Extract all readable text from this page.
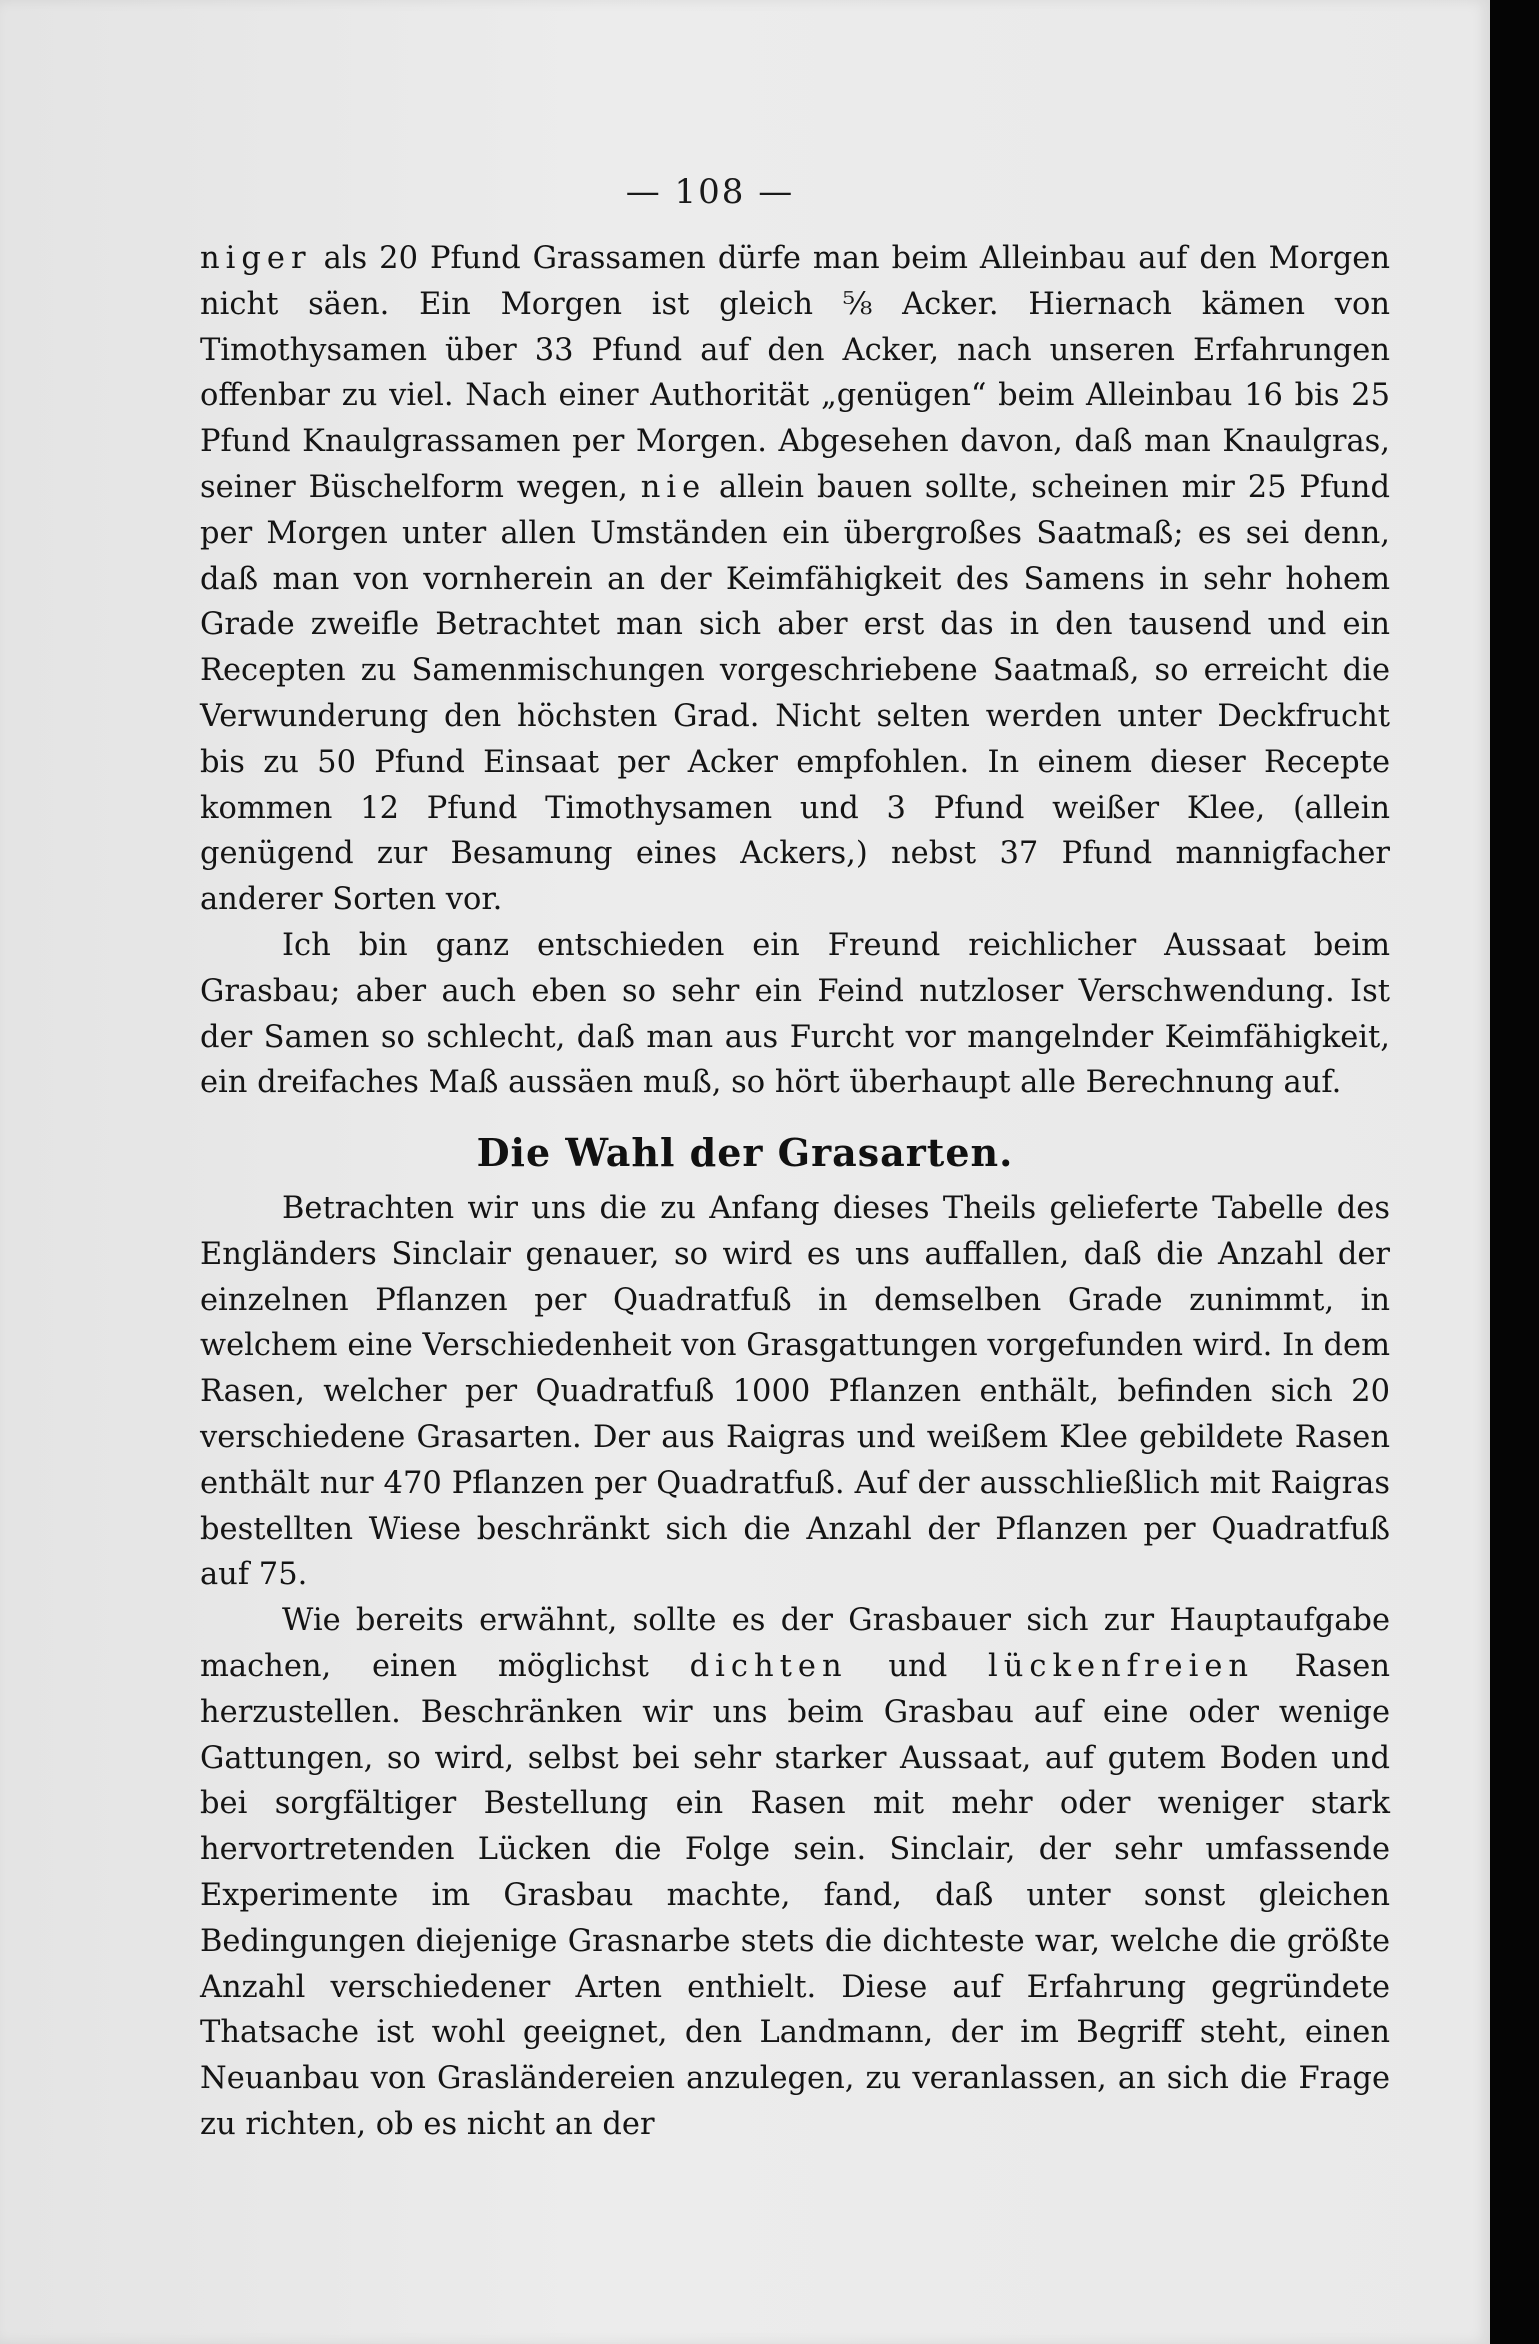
— 108 —

niger als 20 Pfund Grassamen dürfe man beim Alleinbau auf den Morgen nicht säen. Ein Morgen ist gleich ⅝ Acker. Hiernach kämen von Timothysamen über 33 Pfund auf den Acker, nach unseren Erfahrungen offenbar zu viel. Nach einer Authorität „genügen“ beim Alleinbau 16 bis 25 Pfund Knaulgrassamen per Morgen. Abgesehen davon, daß man Knaulgras, seiner Büschelform wegen, nie allein bauen sollte, scheinen mir 25 Pfund per Morgen unter allen Umständen ein übergroßes Saatmaß; es sei denn, daß man von vornherein an der Keimfähigkeit des Samens in sehr hohem Grade zweifle Betrachtet man sich aber erst das in den tausend und ein Recepten zu Samenmischungen vorgeschriebene Saatmaß, so erreicht die Verwunderung den höchsten Grad. Nicht selten werden unter Deckfrucht bis zu 50 Pfund Einsaat per Acker empfohlen. In einem dieser Recepte kommen 12 Pfund Timothysamen und 3 Pfund weißer Klee, (allein genügend zur Besamung eines Ackers,) nebst 37 Pfund mannigfacher anderer Sorten vor.

Ich bin ganz entschieden ein Freund reichlicher Aussaat beim Grasbau; aber auch eben so sehr ein Feind nutzloser Verschwendung. Ist der Samen so schlecht, daß man aus Furcht vor mangelnder Keimfähigkeit, ein dreifaches Maß aussäen muß, so hört überhaupt alle Berechnung auf.

Die Wahl der Grasarten.

Betrachten wir uns die zu Anfang dieses Theils gelieferte Tabelle des Engländers Sinclair genauer, so wird es uns auffallen, daß die Anzahl der einzelnen Pflanzen per Quadratfuß in demselben Grade zunimmt, in welchem eine Verschiedenheit von Grasgattungen vorgefunden wird. In dem Rasen, welcher per Quadratfuß 1000 Pflanzen enthält, befinden sich 20 verschiedene Grasarten. Der aus Raigras und weißem Klee gebildete Rasen enthält nur 470 Pflanzen per Quadratfuß. Auf der ausschließlich mit Raigras bestellten Wiese beschränkt sich die Anzahl der Pflanzen per Quadratfuß auf 75.

Wie bereits erwähnt, sollte es der Grasbauer sich zur Hauptaufgabe machen, einen möglichst dichten und lückenfreien Rasen herzustellen. Beschränken wir uns beim Grasbau auf eine oder wenige Gattungen, so wird, selbst bei sehr starker Aussaat, auf gutem Boden und bei sorgfältiger Bestellung ein Rasen mit mehr oder weniger stark hervortretenden Lücken die Folge sein. Sinclair, der sehr umfassende Experimente im Grasbau machte, fand, daß unter sonst gleichen Bedingungen diejenige Grasnarbe stets die dichteste war, welche die größte Anzahl verschiedener Arten enthielt. Diese auf Erfahrung gegründete Thatsache ist wohl geeignet, den Landmann, der im Begriff steht, einen Neuanbau von Grasländereien anzulegen, zu veranlassen, an sich die Frage zu richten, ob es nicht an der
